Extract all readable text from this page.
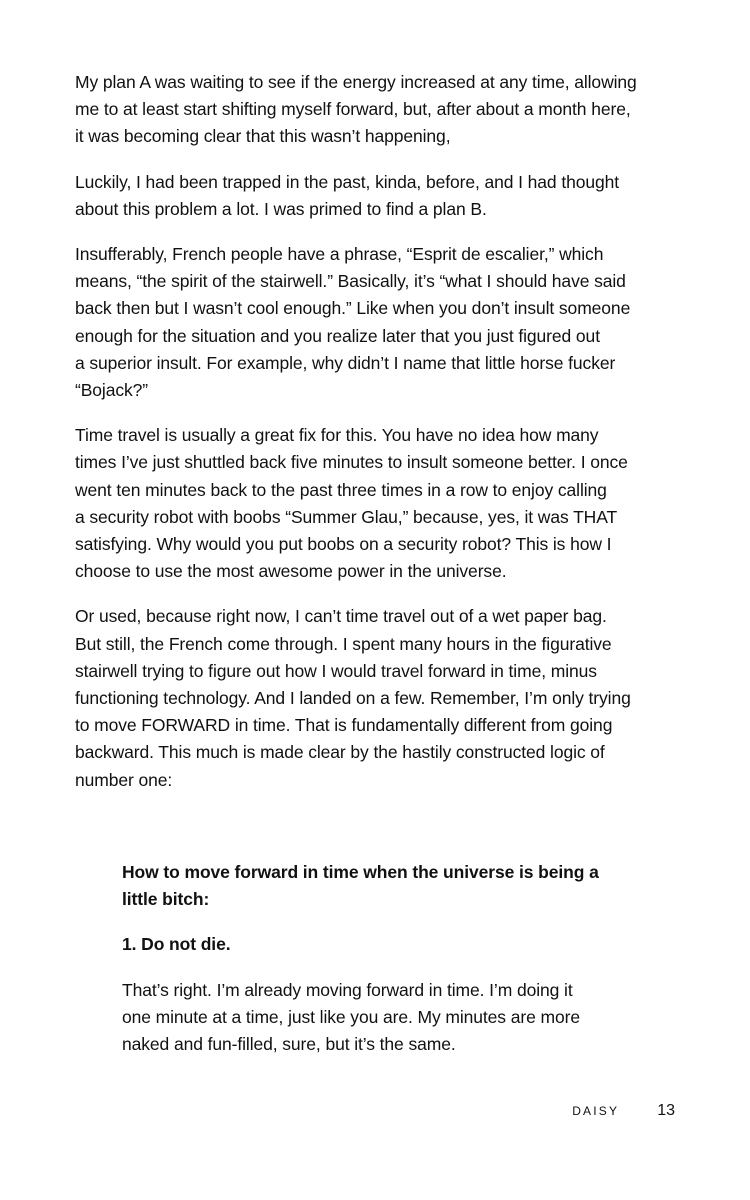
My plan A was waiting to see if the energy increased at any time, allowing
me to at least start shifting myself forward, but, after about a month here,
it was becoming clear that this wasn’t happening,

Luckily, I had been trapped in the past, kinda, before, and I had thought
about this problem a lot. I was primed to find a plan B.

Insufferably, French people have a phrase, “Esprit de escalier,” which
means, “the spirit of the stairwell.” Basically, it’s “what I should have said
back then but I wasn’t cool enough.” Like when you don’t insult someone
enough for the situation and you realize later that you just figured out
a superior insult. For example, why didn’t I name that little horse fucker
“Bojack?”

Time travel is usually a great fix for this. You have no idea how many
times I’ve just shuttled back five minutes to insult someone better. I once
went ten minutes back to the past three times in a row to enjoy calling
a security robot with boobs “Summer Glau,” because, yes, it was THAT
satisfying. Why would you put boobs on a security robot? This is how I
choose to use the most awesome power in the universe.

Or used, because right now, I can’t time travel out of a wet paper bag.
But still, the French come through. I spent many hours in the figurative
stairwell trying to figure out how I would travel forward in time, minus
functioning technology. And I landed on a few. Remember, I’m only trying
to move FORWARD in time. That is fundamentally different from going
backward. This much is made clear by the hastily constructed logic of
number one:

How to move forward in time when the universe is being a
little bitch:

1. Do not die.

That’s right. I’m already moving forward in time. I’m doing it
one minute at a time, just like you are. My minutes are more
naked and fun-filled, sure, but it’s the same.

DAISY 13
